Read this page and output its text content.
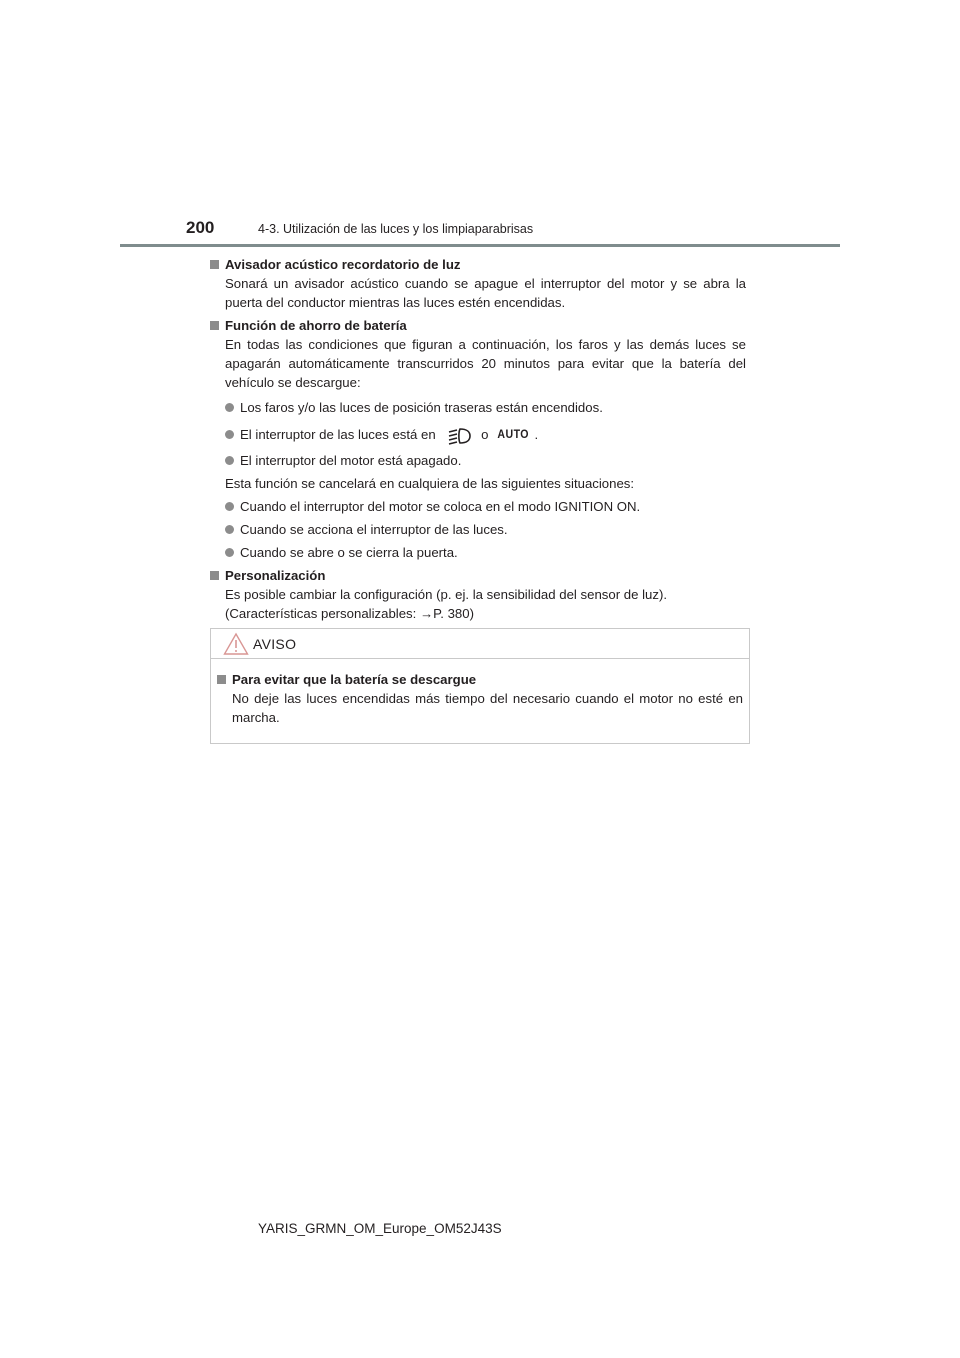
200	4-3. Utilización de las luces y los limpiaparabrisas
Avisador acústico recordatorio de luz
Sonará un avisador acústico cuando se apague el interruptor del motor y se abra la puerta del conductor mientras las luces estén encendidas.
Función de ahorro de batería
En todas las condiciones que figuran a continuación, los faros y las demás luces se apagarán automáticamente transcurridos 20 minutos para evitar que la batería del vehículo se descargue:
Los faros y/o las luces de posición traseras están encendidos.
El interruptor de las luces está en	o AUTO .
El interruptor del motor está apagado.
Esta función se cancelará en cualquiera de las siguientes situaciones:
Cuando el interruptor del motor se coloca en el modo IGNITION ON.
Cuando se acciona el interruptor de las luces.
Cuando se abre o se cierra la puerta.
Personalización
Es posible cambiar la configuración (p. ej. la sensibilidad del sensor de luz).
(Características personalizables: →P. 380)
AVISO
Para evitar que la batería se descargue
No deje las luces encendidas más tiempo del necesario cuando el motor no esté en marcha.
YARIS_GRMN_OM_Europe_OM52J43S
